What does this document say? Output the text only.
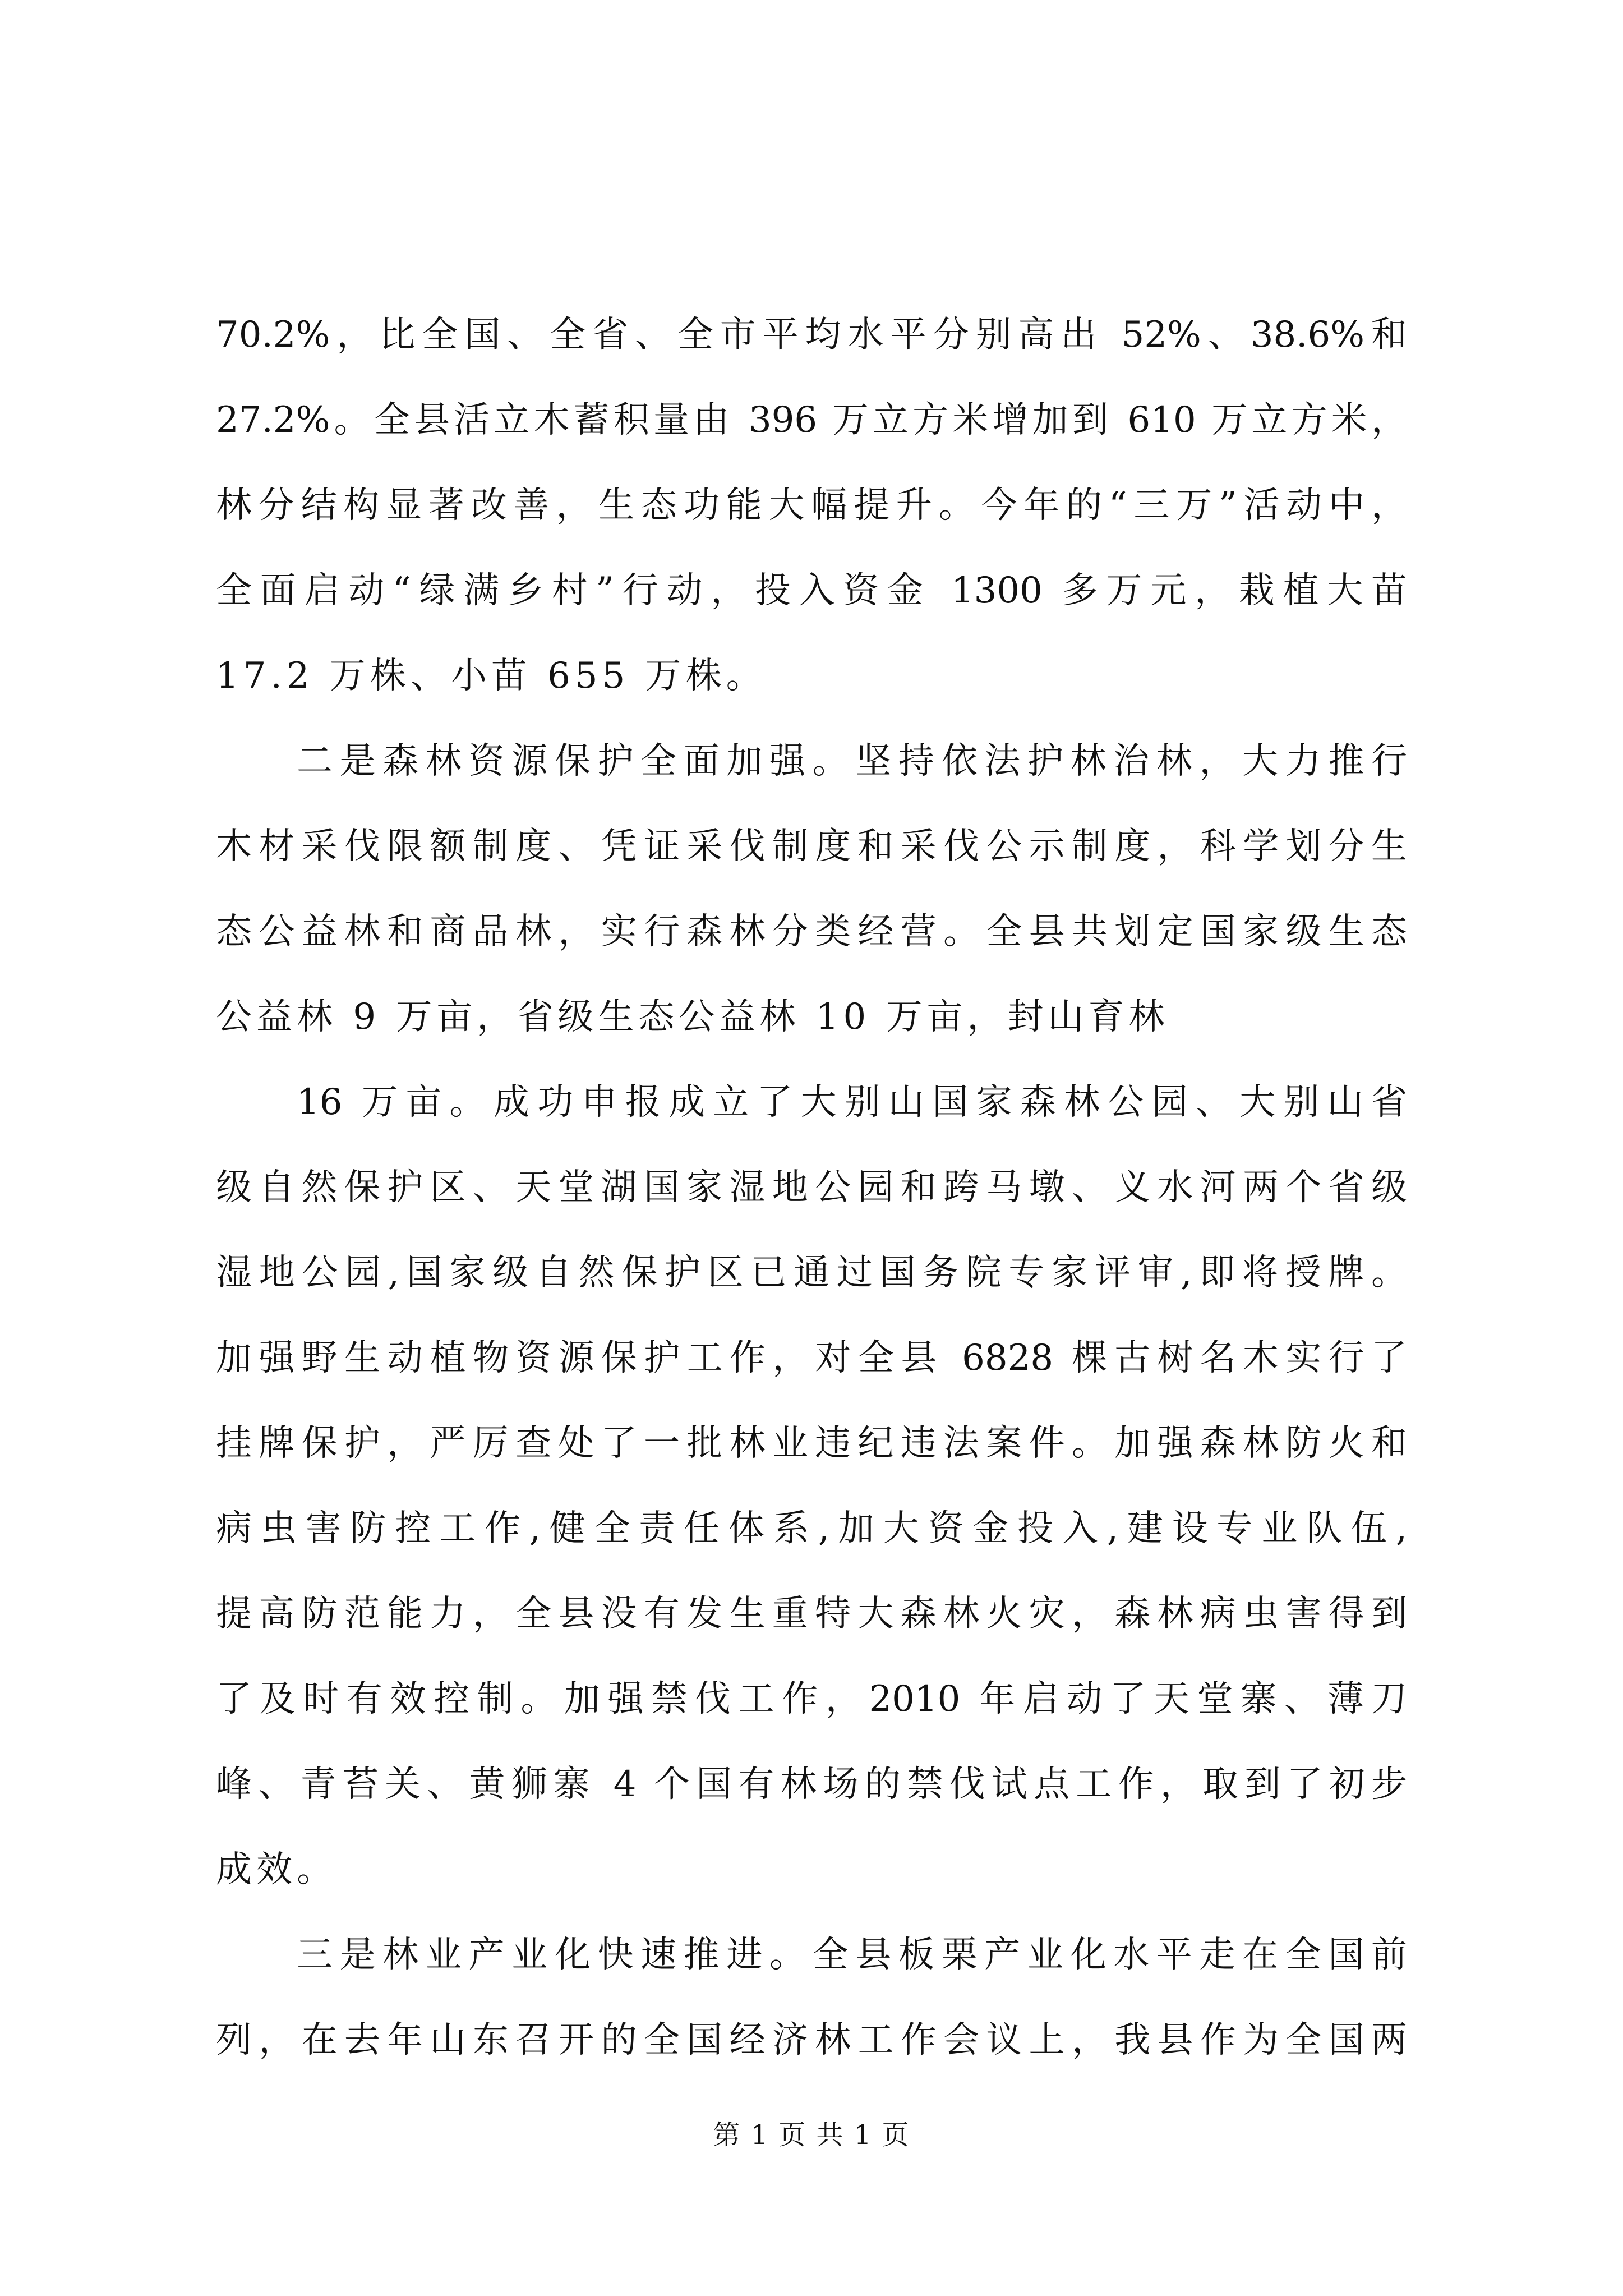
70.2%，比全国、全省、全市平均水平分别高出 52%、38.6%和
27.2%。全县活立木蓄积量由 396 万立方米增加到 610 万立方米，
林分结构显著改善，生态功能大幅提升。今年的“三万”活动中，
全面启动“绿满乡村”行动，投入资金 1300 多万元，栽植大苗
17.2 万株、小苗 655 万株。
二是森林资源保护全面加强。坚持依法护林治林，大力推行
木材采伐限额制度、凭证采伐制度和采伐公示制度，科学划分生
态公益林和商品林，实行森林分类经营。全县共划定国家级生态
公益林 9 万亩，省级生态公益林 10 万亩，封山育林
16 万亩。成功申报成立了大别山国家森林公园、大别山省
级自然保护区、天堂湖国家湿地公园和跨马墩、义水河两个省级
湿地公园,国家级自然保护区已通过国务院专家评审,即将授牌。
加强野生动植物资源保护工作，对全县 6828 棵古树名木实行了
挂牌保护，严厉查处了一批林业违纪违法案件。加强森林防火和
病虫害防控工作,健全责任体系,加大资金投入,建设专业队伍,
提高防范能力，全县没有发生重特大森林火灾，森林病虫害得到
了及时有效控制。加强禁伐工作，2010 年启动了天堂寨、薄刀
峰、青苔关、黄狮寨 4 个国有林场的禁伐试点工作，取到了初步
成效。
三是林业产业化快速推进。全县板栗产业化水平走在全国前
列，在去年山东召开的全国经济林工作会议上，我县作为全国两
第 1 页 共 1 页
